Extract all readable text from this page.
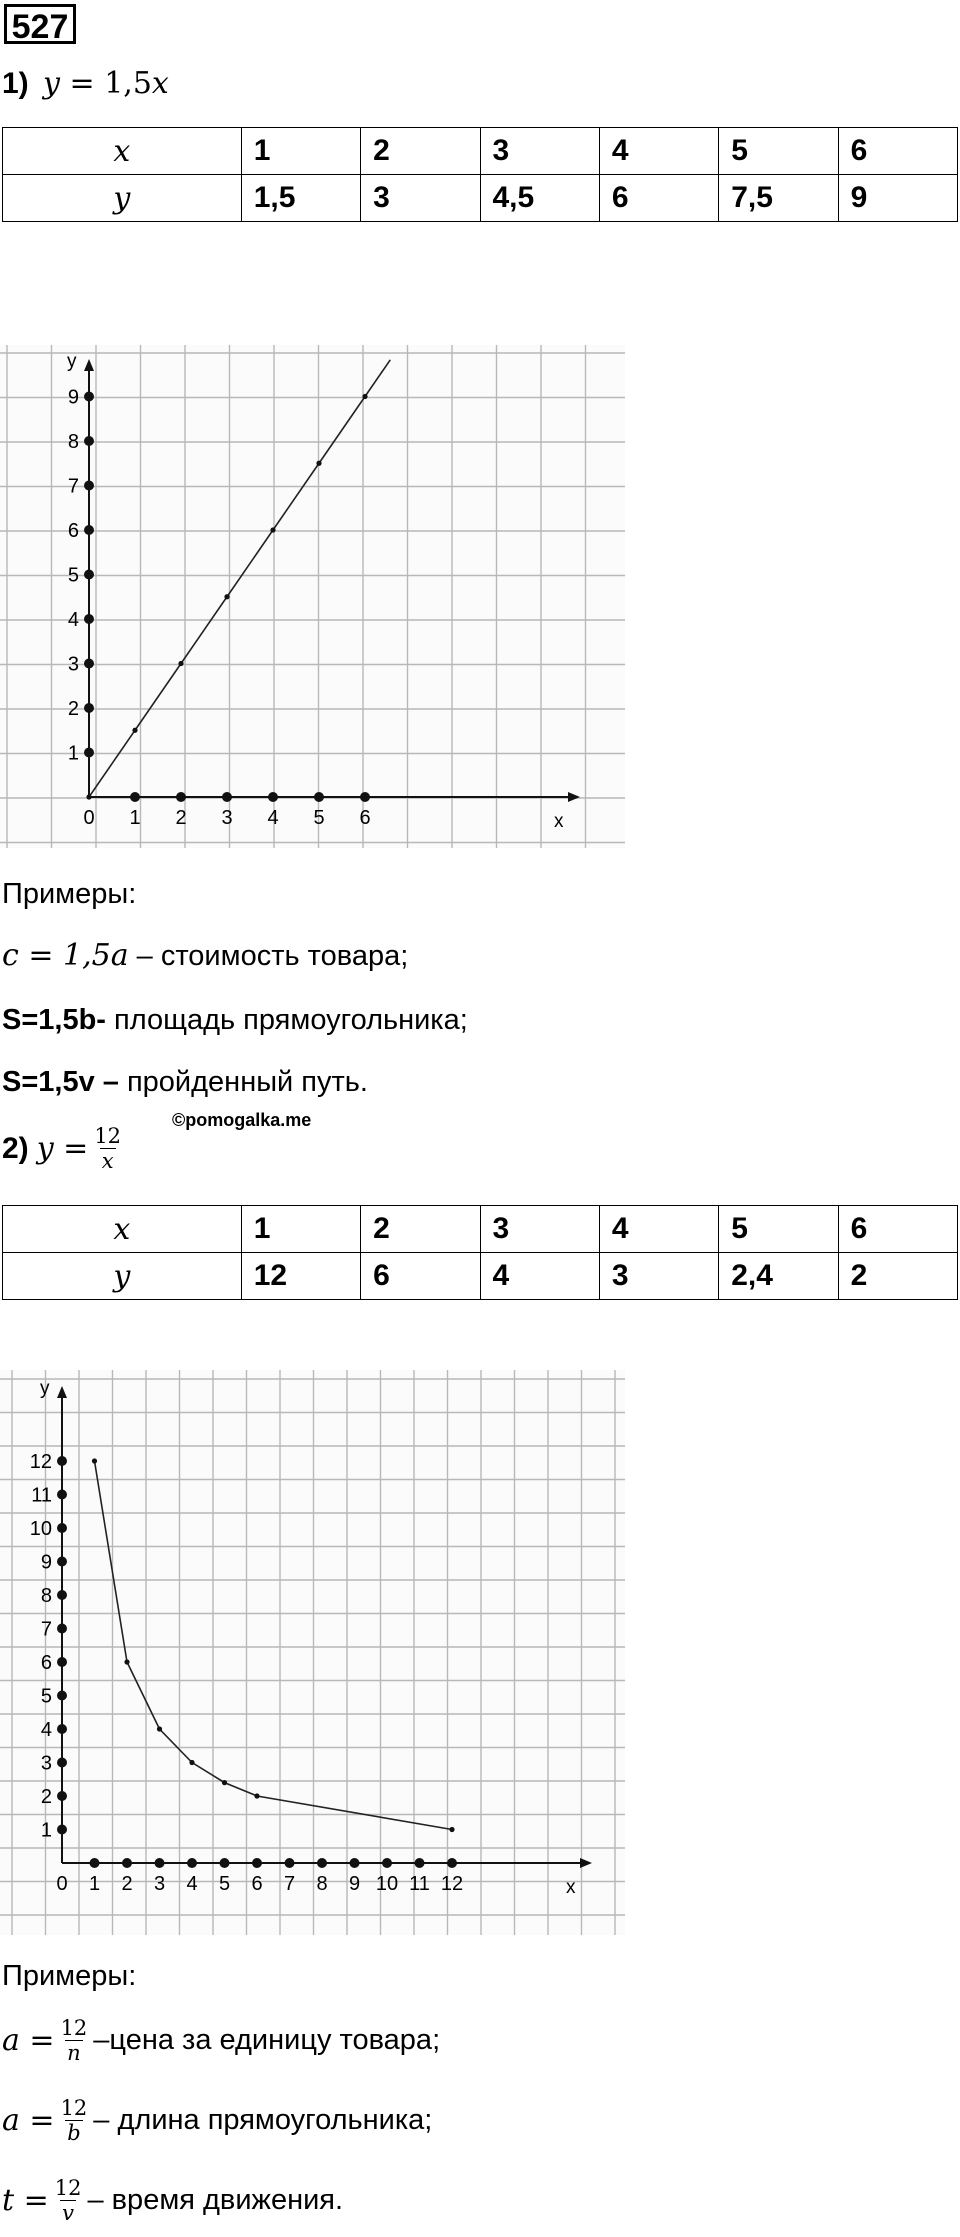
527
1) y = 1,5x
x	1	2	3	4	5	6
y	1,5	3	4,5	6	7,5	9
x
y
0 1 2 3 4 5 6
1
2
3
4
5
6
7
8
9
Примеры:
c = 1,5a – стоимость товара;
S=1,5b- площадь прямоугольника;
S=1,5v – пройденный путь.
©pomogalka.me
2) $y = \frac{12}{x}$
x	1	2	3	4	5	6
y	12	6	4	3	2,4	2
x
y
0 1 2 3 4 5 6 7 8 9 10 11 12
1
2
3
4
5
6
7
8
9
10
11
12
Примеры:
$a = \frac{12}{n}$ –цена за единицу товара;
$a = \frac{12}{b}$ – длина прямоугольника;
$t = \frac{12}{v}$ – время движения.
